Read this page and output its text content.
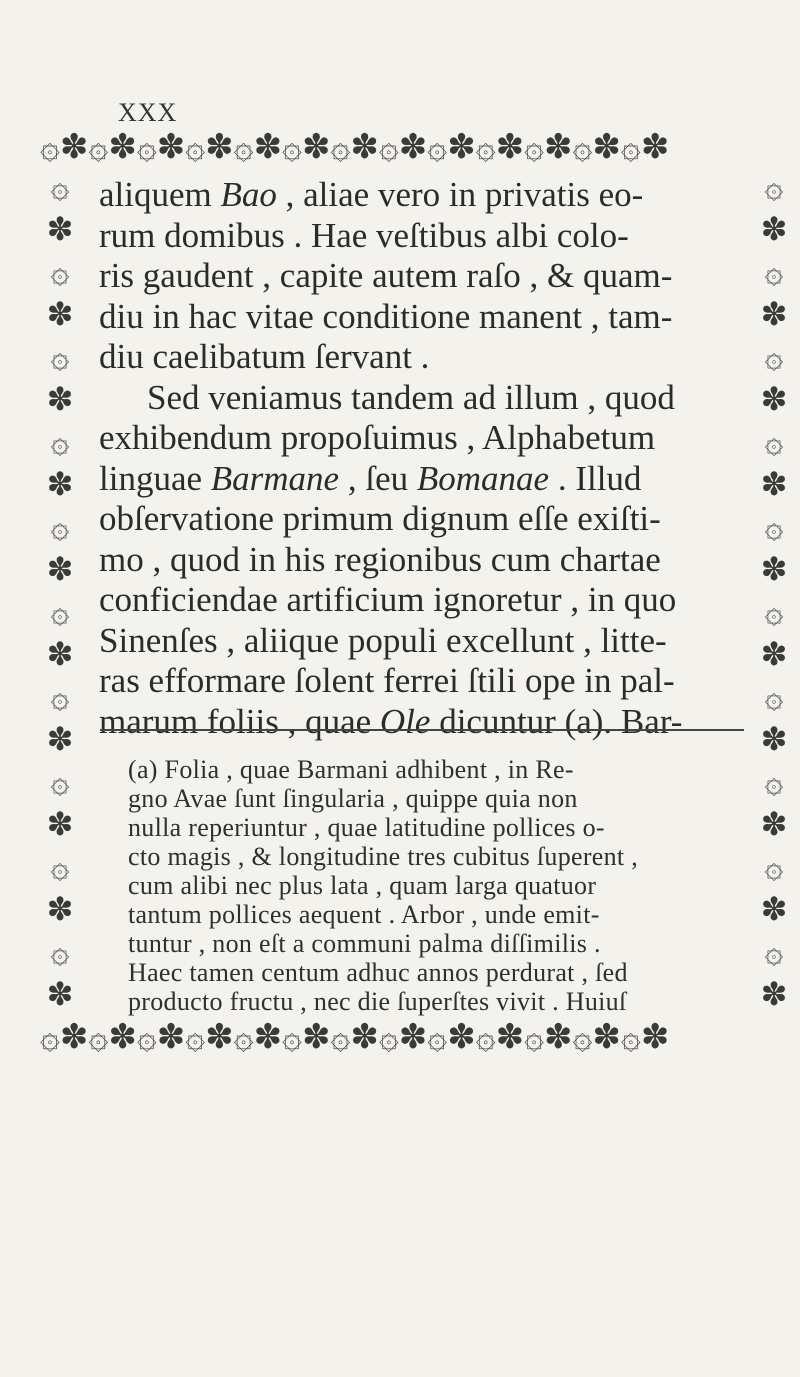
XXX
۞✽۞✽۞✽۞✽۞✽۞✽۞✽۞✽۞✽۞✽۞✽۞✽۞✽
۞
✽
۞
✽
۞
✽
۞
✽
۞
✽
۞
✽
۞
✽
۞
✽
۞
✽
۞
✽
۞
✽
۞
✽
۞
✽
۞
✽
۞
✽
۞
✽
۞
✽
۞
✽
۞
✽
۞
✽
aliquem Bao , aliae vero in privatis eo-
rum domibus . Hae veſtibus albi colo-
ris gaudent , capite autem raſo , & quam-
diu in hac vitae conditione manent , tam-
diu caelibatum ſervant .
Sed veniamus tandem ad illum , quod
exhibendum propoſuimus , Alphabetum
linguae Barmane , ſeu Bomanae . Illud
obſervatione primum dignum eſſe exiſti-
mo , quod in his regionibus cum chartae
conficiendae artificium ignoretur , in quo
Sinenſes , aliique populi excellunt , litte-
ras efformare ſolent ferrei ſtili ope in pal-
marum foliis , quae Ole dicuntur (a). Bar-
(a) Folia , quae Barmani adhibent , in Re-
gno Avae ſunt ſingularia , quippe quia non
nulla reperiuntur , quae latitudine pollices o-
cto magis , & longitudine tres cubitus ſuperent ,
cum alibi nec plus lata , quam larga quatuor
tantum pollices aequent . Arbor , unde emit-
tuntur , non eſt a communi palma diſſimilis .
Haec tamen centum adhuc annos perdurat , ſed
producto fructu , nec die ſuperſtes vivit . Huiuſ
۞✽۞✽۞✽۞✽۞✽۞✽۞✽۞✽۞✽۞✽۞✽۞✽۞✽
